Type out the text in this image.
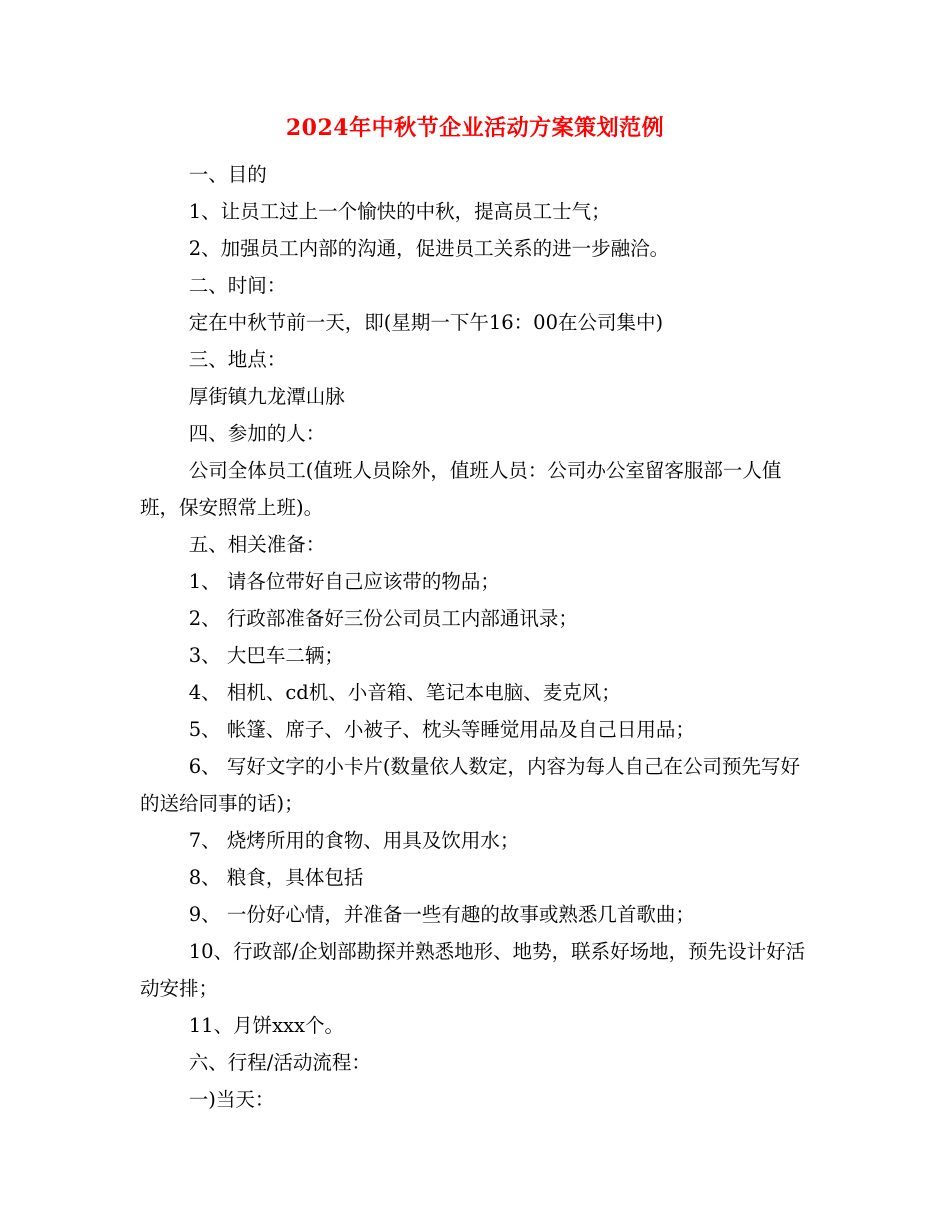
2024年中秋节企业活动方案策划范例

一、目的

1、让员工过上一个愉快的中秋，提高员工士气；

2、加强员工内部的沟通，促进员工关系的进一步融洽。

二、时间：

定在中秋节前一天，即(星期一下午16：00在公司集中)

三、地点：

厚街镇九龙潭山脉

四、参加的人：

公司全体员工(值班人员除外，值班人员：公司办公室留客服部一人值班，保安照常上班)。

五、相关准备：

1、 请各位带好自己应该带的物品；

2、 行政部准备好三份公司员工内部通讯录；

3、 大巴车二辆；

4、 相机、cd机、小音箱、笔记本电脑、麦克风；

5、 帐篷、席子、小被子、枕头等睡觉用品及自己日用品；

6、 写好文字的小卡片(数量依人数定，内容为每人自己在公司预先写好的送给同事的话)；

7、 烧烤所用的食物、用具及饮用水；

8、 粮食，具体包括

9、 一份好心情，并准备一些有趣的故事或熟悉几首歌曲；

10、行政部/企划部勘探并熟悉地形、地势，联系好场地，预先设计好活动安排；

11、月饼xxx个。

六、行程/活动流程：

一)当天：
